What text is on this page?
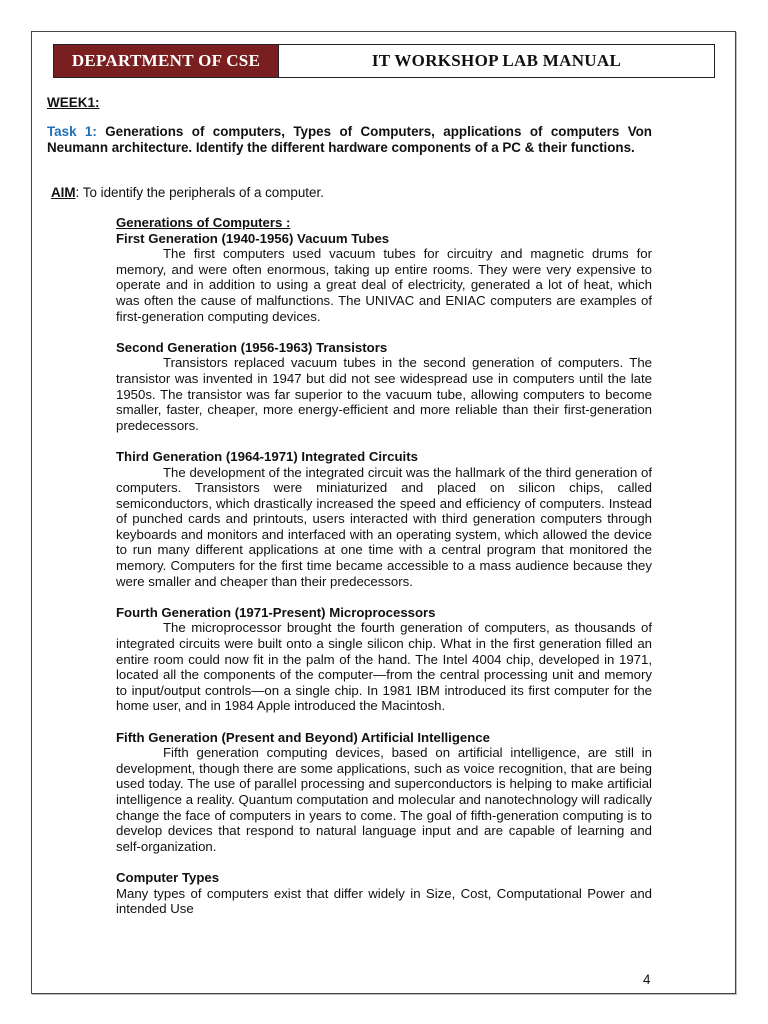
DEPARTMENT OF CSE	IT WORKSHOP LAB MANUAL
WEEK1:
Task 1: Generations of computers, Types of Computers, applications of computers Von Neumann architecture. Identify the different hardware components of a PC & their functions.
AIM: To identify the peripherals of a computer.
Generations of Computers :
First Generation (1940-1956) Vacuum Tubes

The first computers used vacuum tubes for circuitry and magnetic drums for memory, and were often enormous, taking up entire rooms. They were very expensive to operate and in addition to using a great deal of electricity, generated a lot of heat, which was often the cause of malfunctions. The UNIVAC and ENIAC computers are examples of first-generation computing devices.

Second Generation (1956-1963) Transistors

Transistors replaced vacuum tubes in the second generation of computers. The transistor was invented in 1947 but did not see widespread use in computers until the late 1950s. The transistor was far superior to the vacuum tube, allowing computers to become smaller, faster, cheaper, more energy-efficient and more reliable than their first-generation predecessors.

Third Generation (1964-1971) Integrated Circuits

The development of the integrated circuit was the hallmark of the third generation of computers. Transistors were miniaturized and placed on silicon chips, called semiconductors, which drastically increased the speed and efficiency of computers. Instead of punched cards and printouts, users interacted with third generation computers through keyboards and monitors and interfaced with an operating system, which allowed the device to run many different applications at one time with a central program that monitored the memory. Computers for the first time became accessible to a mass audience because they were smaller and cheaper than their predecessors.

Fourth Generation (1971-Present) Microprocessors

The microprocessor brought the fourth generation of computers, as thousands of integrated circuits were built onto a single silicon chip. What in the first generation filled an entire room could now fit in the palm of the hand. The Intel 4004 chip, developed in 1971, located all the components of the computer—from the central processing unit and memory to input/output controls—on a single chip. In 1981 IBM introduced its first computer for the home user, and in 1984 Apple introduced the Macintosh.

Fifth Generation (Present and Beyond) Artificial Intelligence

Fifth generation computing devices, based on artificial intelligence, are still in development, though there are some applications, such as voice recognition, that are being used today. The use of parallel processing and superconductors is helping to make artificial intelligence a reality. Quantum computation and molecular and nanotechnology will radically change the face of computers in years to come. The goal of fifth-generation computing is to develop devices that respond to natural language input and are capable of learning and self-organization.

Computer Types

Many types of computers exist that differ widely in Size, Cost, Computational Power and intended Use

4
